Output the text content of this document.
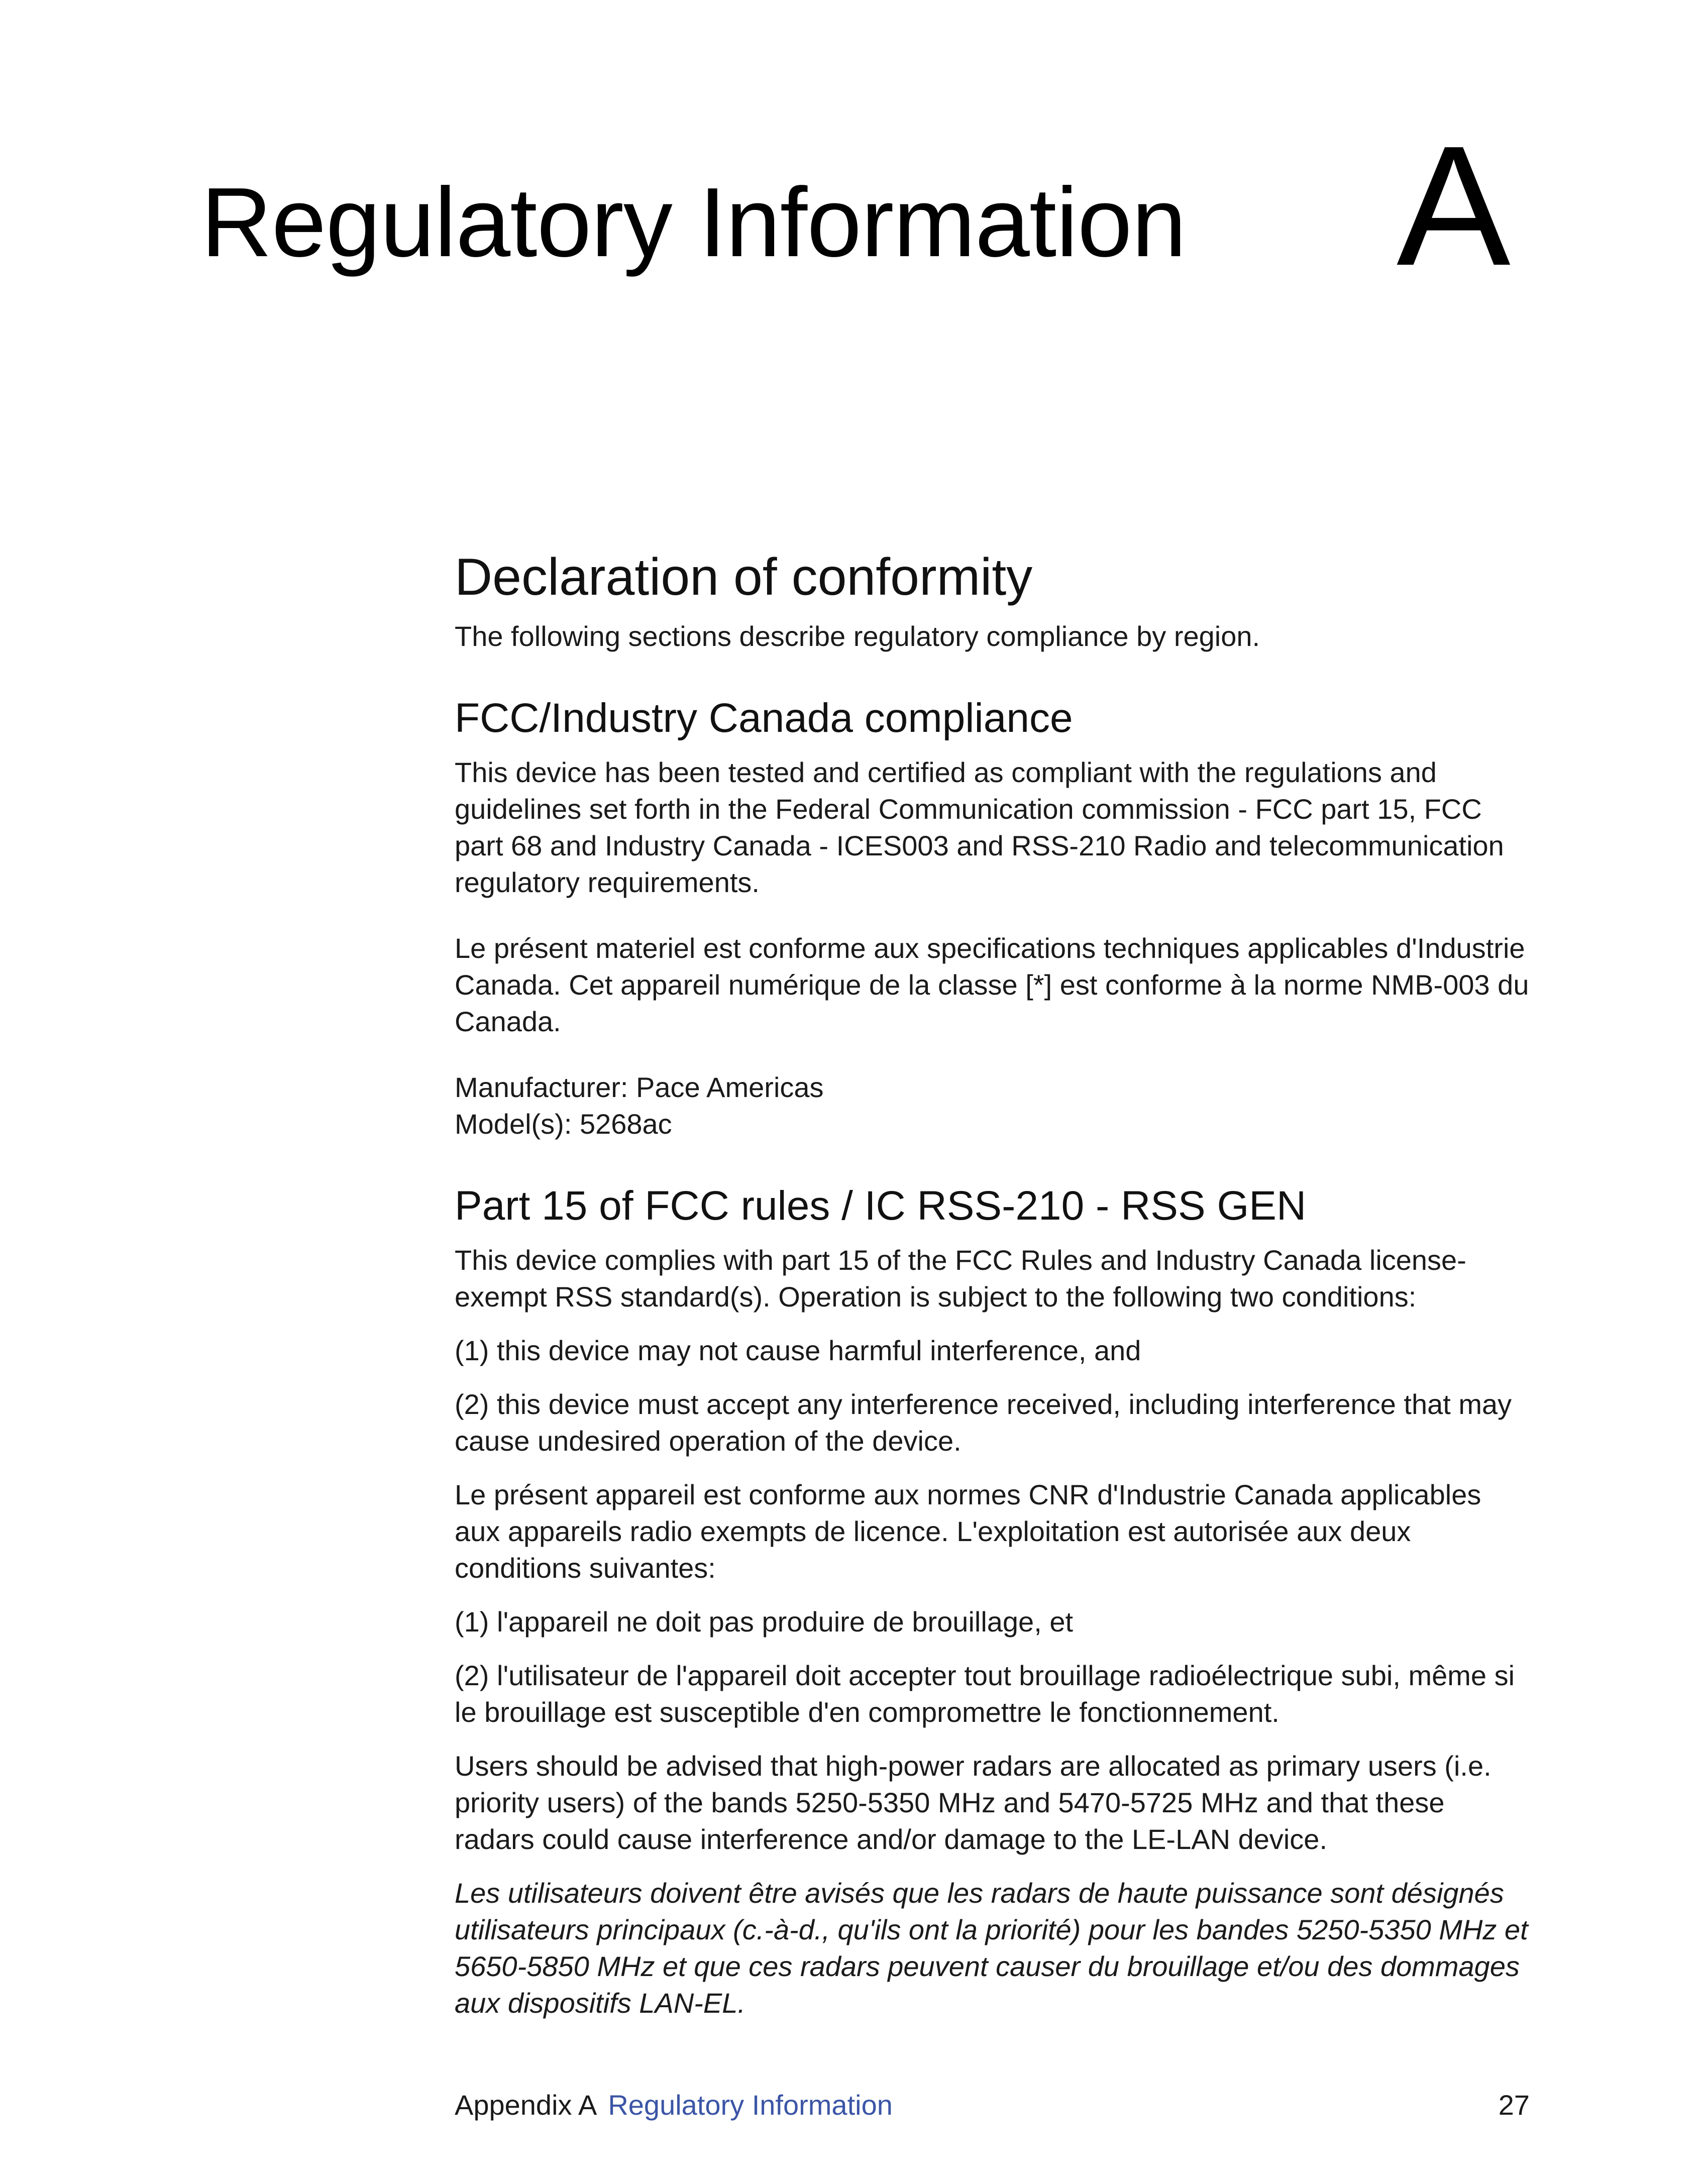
Regulatory Information A
Declaration of conformity

The following sections describe regulatory compliance by region.

FCC/Industry Canada compliance

This device has been tested and certified as compliant with the regulations and guidelines set forth in the Federal Communication commission - FCC part 15, FCC part 68 and Industry Canada - ICES003 and RSS-210 Radio and telecommunication regulatory requirements.

Le présent materiel est conforme aux specifications techniques applicables d'Industrie Canada. Cet appareil numérique de la classe [*] est conforme à la norme NMB-003 du Canada.

Manufacturer: Pace Americas

Model(s): 5268ac

Part 15 of FCC rules / IC RSS-210 - RSS GEN

This device complies with part 15 of the FCC Rules and Industry Canada license-exempt RSS standard(s). Operation is subject to the following two conditions:

(1) this device may not cause harmful interference, and

(2) this device must accept any interference received, including interference that may cause undesired operation of the device.

Le présent appareil est conforme aux normes CNR d'Industrie Canada applicables aux appareils radio exempts de licence. L'exploitation est autorisée aux deux conditions suivantes:

(1) l'appareil ne doit pas produire de brouillage, et

(2) l'utilisateur de l'appareil doit accepter tout brouillage radioélectrique subi, même si le brouillage est susceptible d'en compromettre le fonctionnement.

Users should be advised that high-power radars are allocated as primary users (i.e. priority users) of the bands 5250-5350 MHz and 5470-5725 MHz and that these radars could cause interference and/or damage to the LE-LAN device.

Les utilisateurs doivent être avisés que les radars de haute puissance sont désignés utilisateurs principaux (c.-à-d., qu'ils ont la priorité) pour les bandes 5250-5350 MHz et 5650-5850 MHz et que ces radars peuvent causer du brouillage et/ou des dommages aux dispositifs LAN-EL.

Appendix A Regulatory Information	27
